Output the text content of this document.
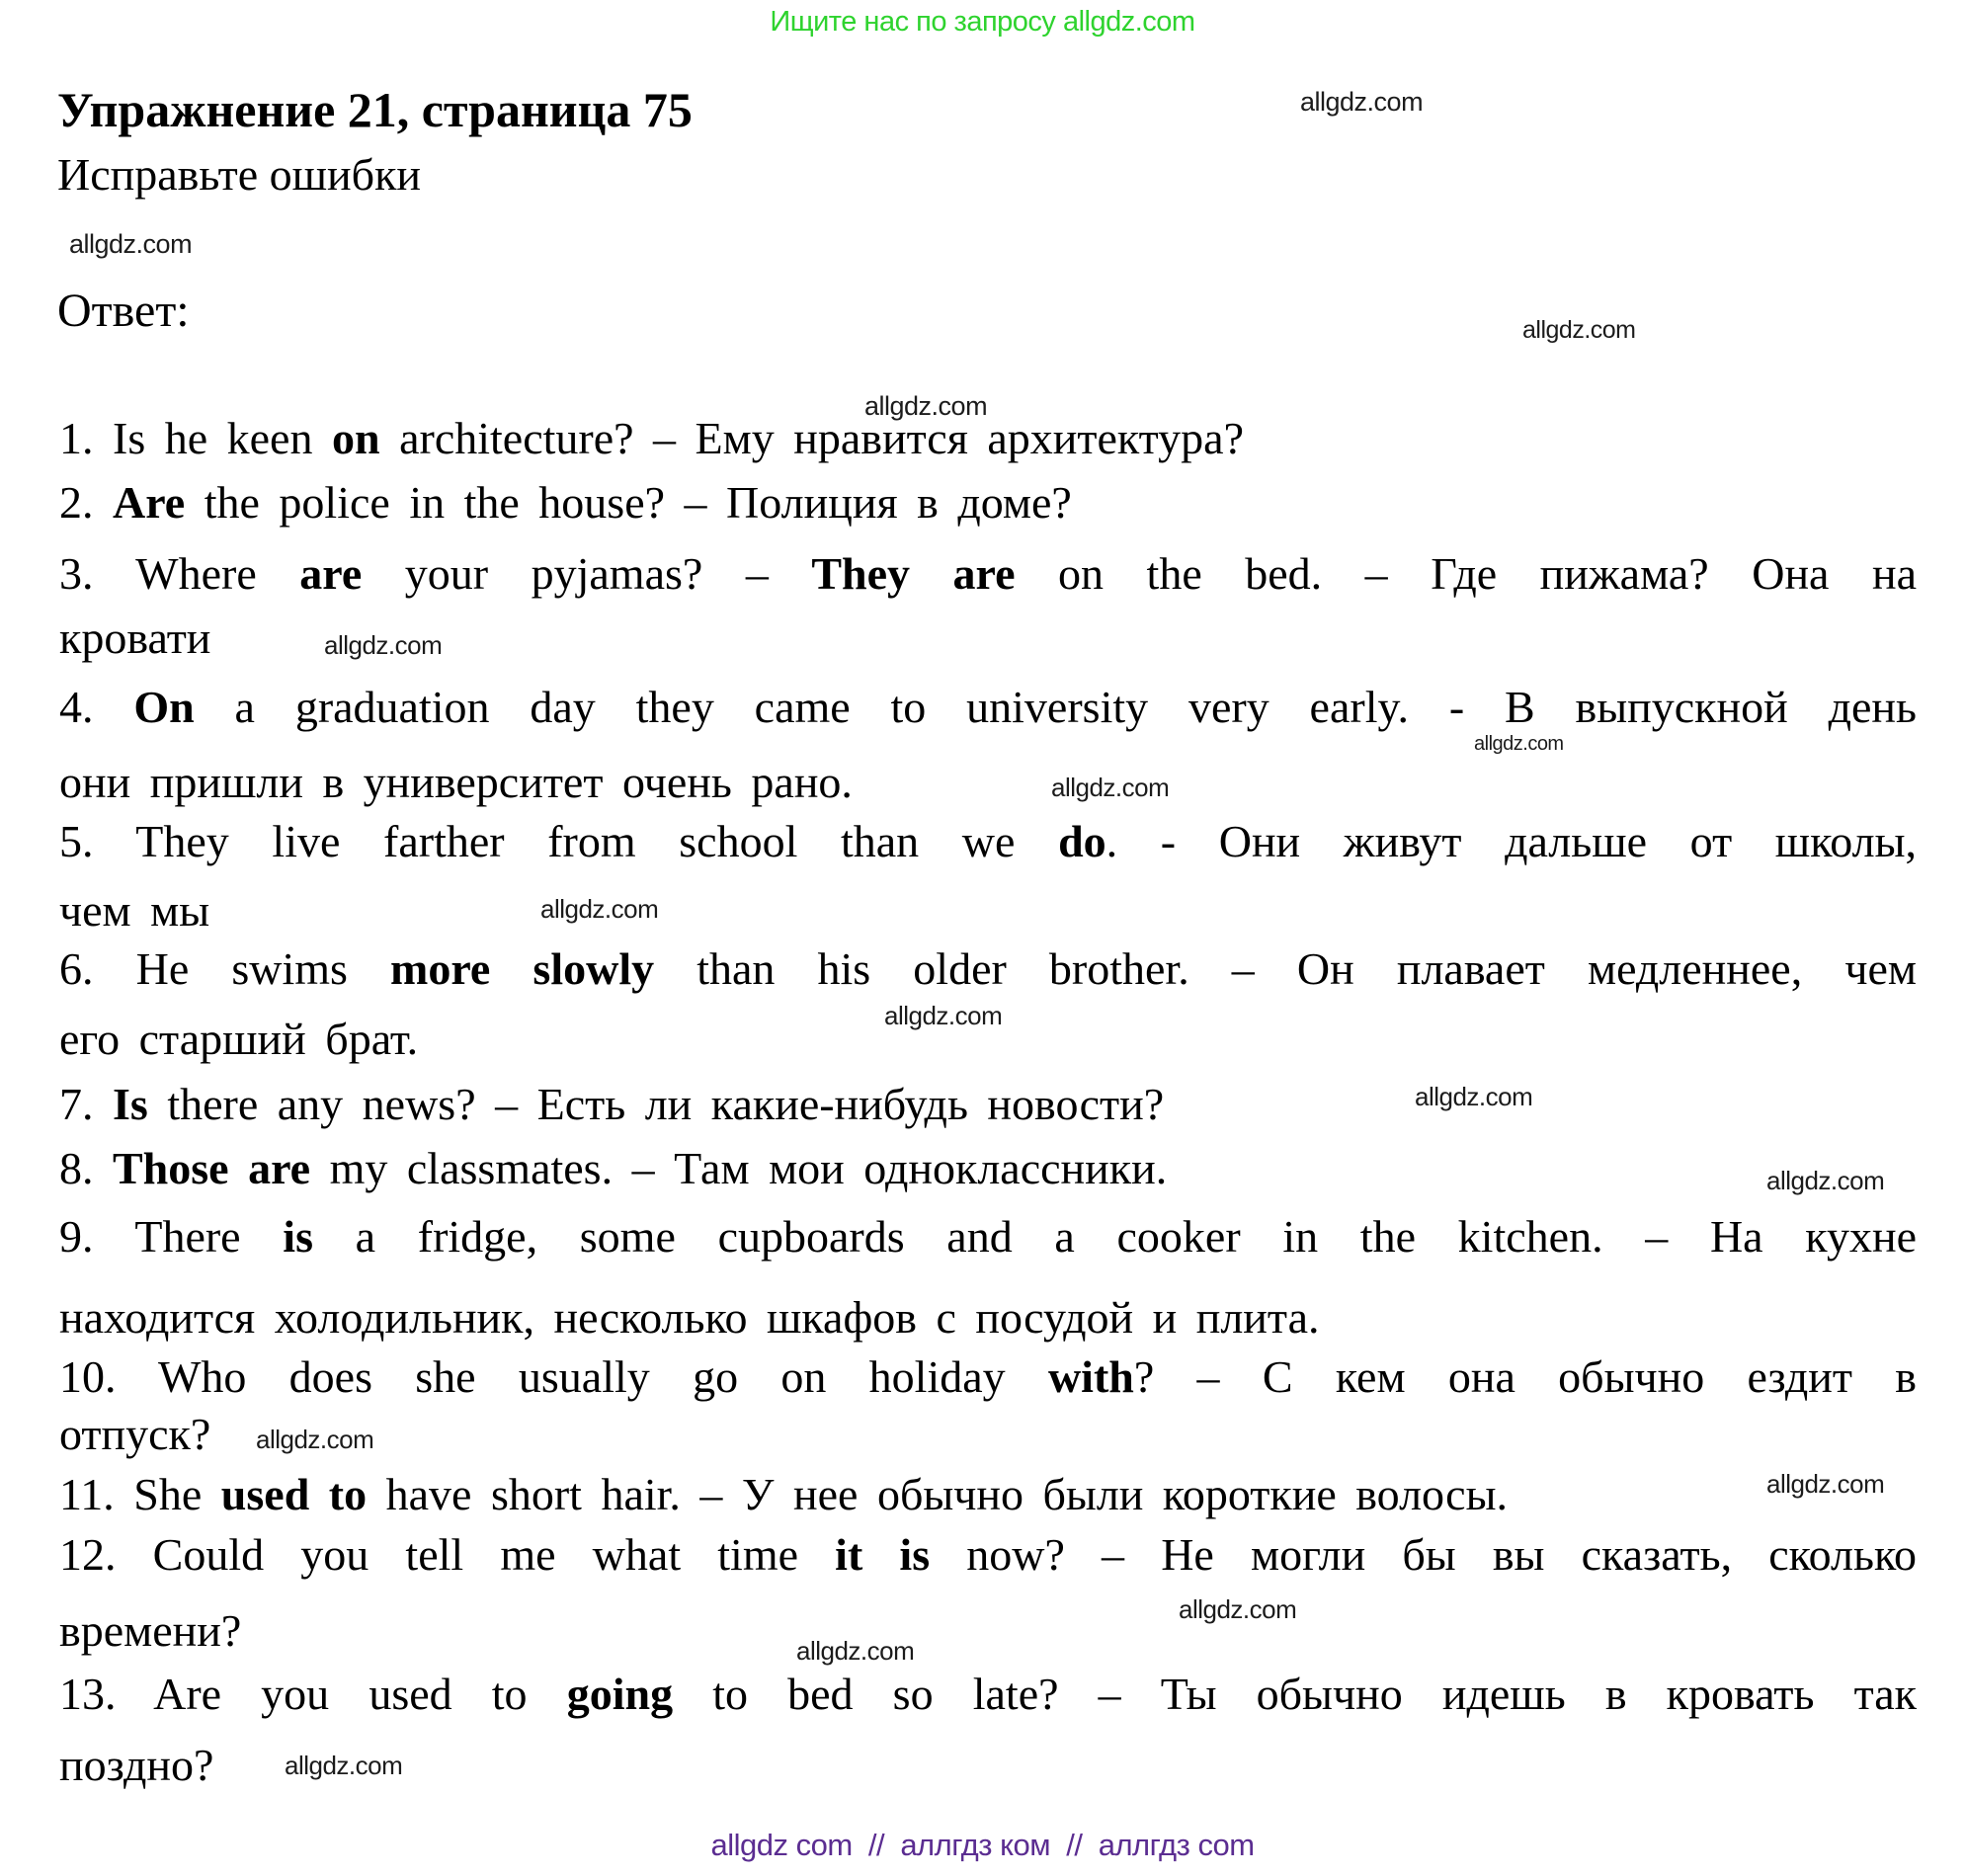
Ищите нас по запросу allgdz.com
Упражнение 21, страница 75
Исправьте ошибки
Ответ:
1. Is he keen on architecture? – Ему нравится архитектура?
2. Are the police in the house? – Полиция в доме?
3. Where are your pyjamas? – They are on the bed. – Где пижама? Она на
кровати
4. On a graduation day they came to university very early. - В выпускной день
они пришли в университет очень рано.
5. They live farther from school than we do. - Они живут дальше от школы,
чем мы
6. He swims more slowly than his older brother. – Он плавает медленнее, чем
его старший брат.
7. Is there any news? – Есть ли какие-нибудь новости?
8. Those are my classmates. – Там мои одноклассники.
9. There is a fridge, some cupboards and a cooker in the kitchen. – На кухне
находится холодильник, несколько шкафов с посудой и плита.
10. Who does she usually go on holiday with? – С кем она обычно ездит в
отпуск?
11. She used to have short hair. – У нее обычно были короткие волосы.
12. Could you tell me what time it is now? – Не могли бы вы сказать, сколько
времени?
13. Are you used to going to bed so late? – Ты обычно идешь в кровать так
поздно?
allgdz.com
allgdz.com
allgdz.com
allgdz.com
allgdz.com
allgdz.com
allgdz.com
allgdz.com
allgdz.com
allgdz.com
allgdz.com
allgdz.com
allgdz.com
allgdz.com
allgdz.com
allgdz.com
allgdz com  //  аллгдз ком  //  аллгдз com
